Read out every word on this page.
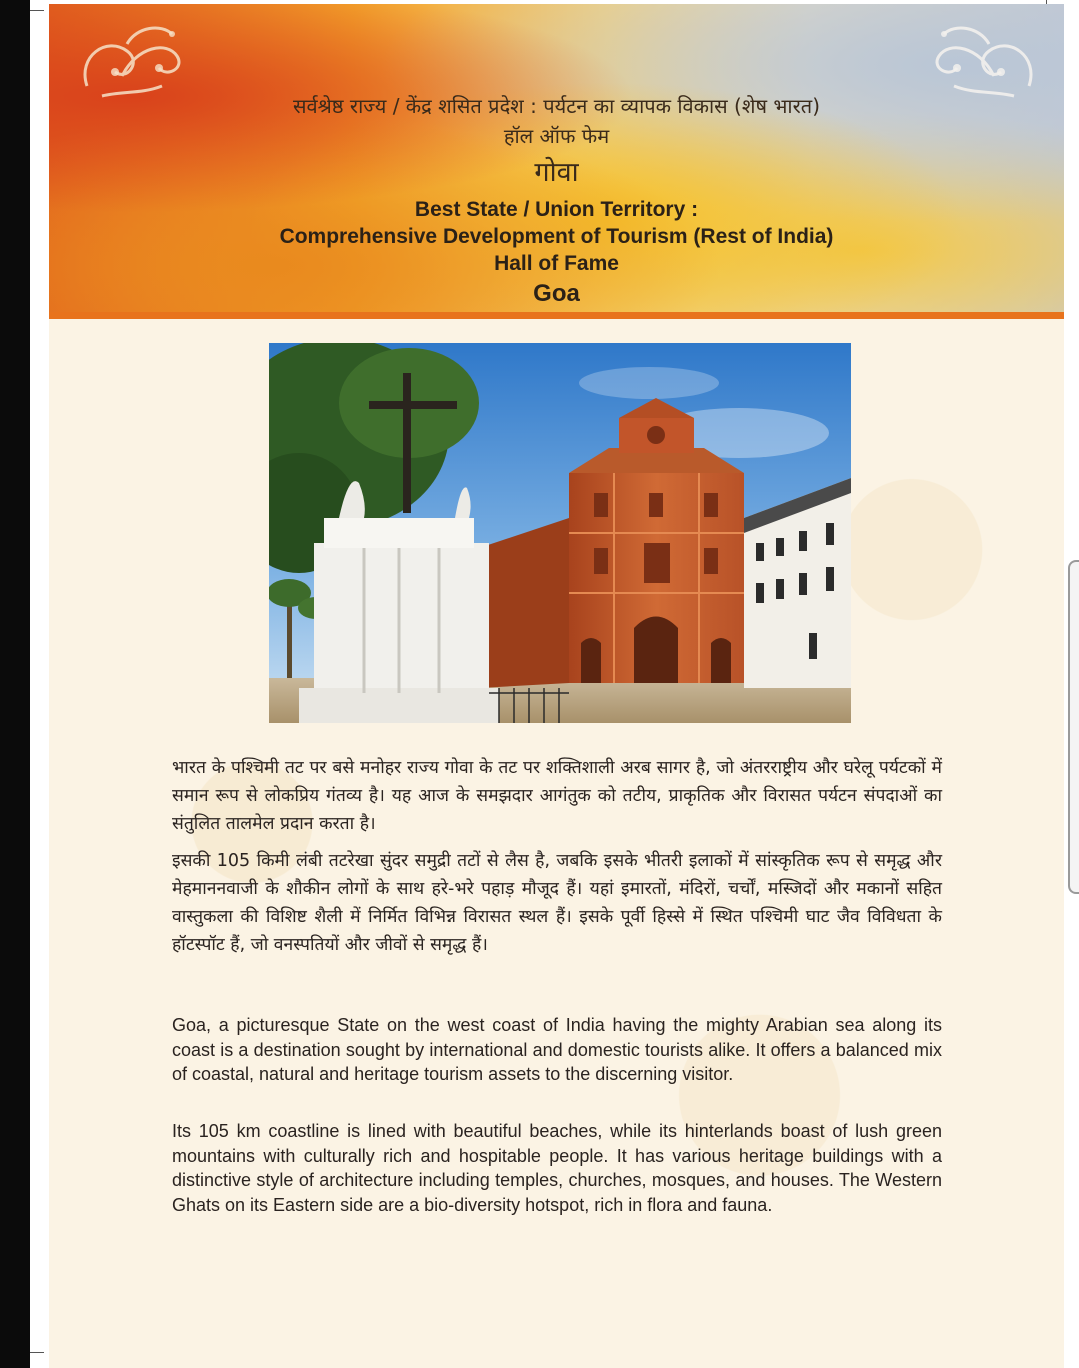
सर्वश्रेष्ठ राज्य / केंद्र शसित प्रदेश : पर्यटन का व्यापक विकास (शेष भारत)
हॉल ऑफ फेम
गोवा
Best State / Union Territory :
Comprehensive Development of Tourism (Rest of India)
Hall of Fame
Goa

भारत के पश्चिमी तट पर बसे मनोहर राज्य गोवा के तट पर शक्तिशाली अरब सागर है, जो अंतरराष्ट्रीय और घरेलू पर्यटकों में समान रूप से लोकप्रिय गंतव्य है। यह आज के समझदार आगंतुक को तटीय, प्राकृतिक और विरासत पर्यटन संपदाओं का संतुलित तालमेल प्रदान करता है।

इसकी 105 किमी लंबी तटरेखा सुंदर समुद्री तटों से लैस है, जबकि इसके भीतरी इलाकों में सांस्कृतिक रूप से समृद्ध और मेहमाननवाजी के शौकीन लोगों के साथ हरे-भरे पहाड़ मौजूद हैं। यहां इमारतों, मंदिरों, चर्चों, मस्जिदों और मकानों सहित वास्तुकला की विशिष्ट शैली में निर्मित विभिन्न विरासत स्थल हैं। इसके पूर्वी हिस्से में स्थित पश्चिमी घाट जैव विविधता के हॉटस्पॉट हैं, जो वनस्पतियों और जीवों से समृद्ध हैं।

Goa, a picturesque State on the west coast of India having the mighty Arabian sea along its coast is a destination sought by international and domestic tourists alike. It offers a balanced mix of coastal, natural and heritage tourism assets to the discerning visitor.

Its 105 km coastline is lined with beautiful beaches, while its hinterlands boast of lush green mountains with culturally rich and hospitable people. It has various heritage buildings with a distinctive style of architecture including temples, churches, mosques, and houses. The Western Ghats on its Eastern side are a bio-diversity hotspot, rich in flora and fauna.
